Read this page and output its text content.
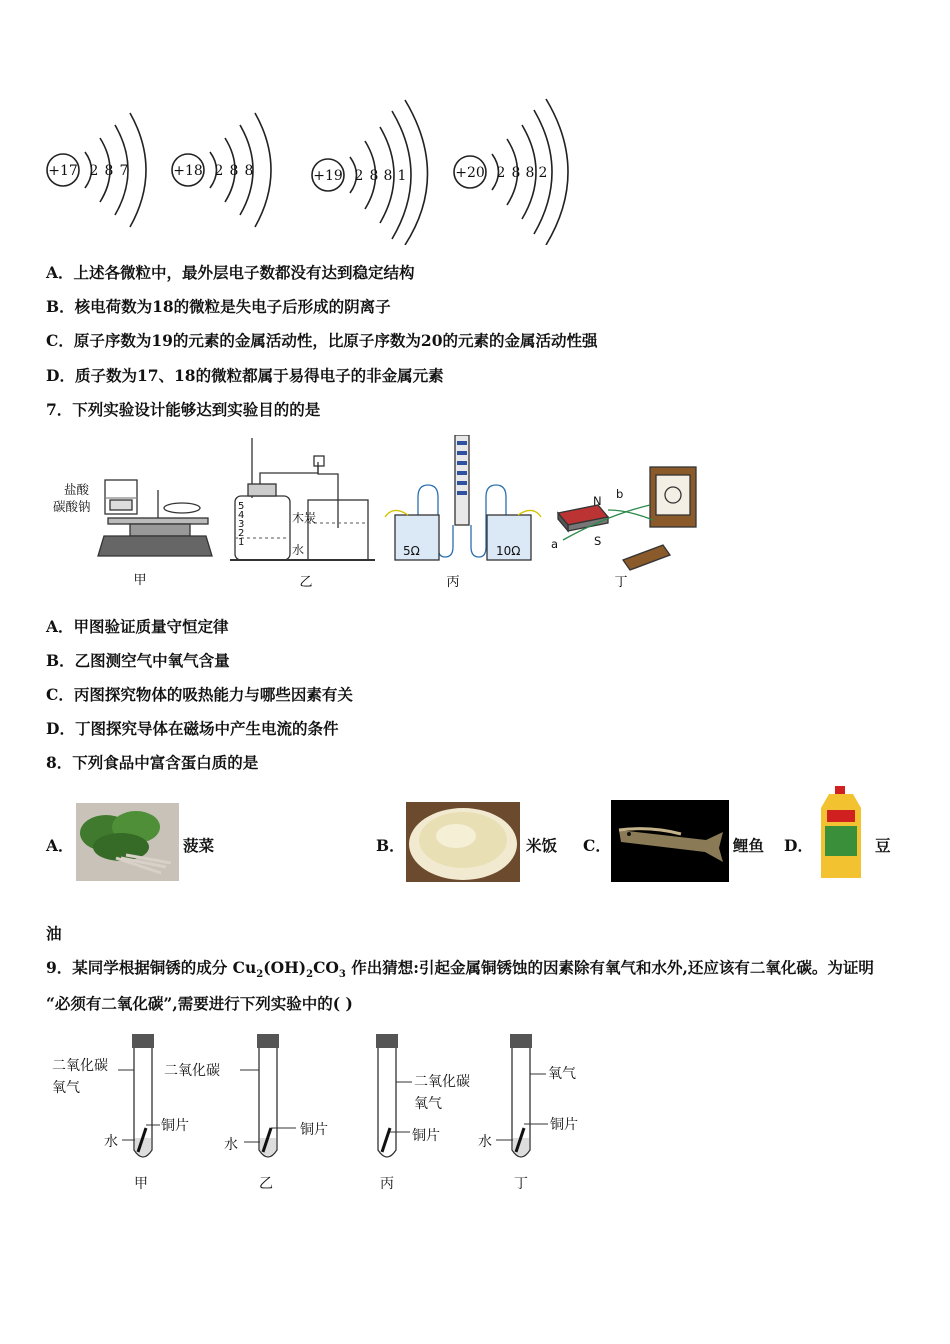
+17 2 8 7	+18 2 8 8	+19 2 8 8 1	+20 2 8 8 2
A．上述各微粒中，最外层电子数都没有达到稳定结构
B．核电荷数为18的微粒是失电子后形成的阴离子
C．原子序数为19的元素的金属活动性，比原子序数为20的元素的金属活动性强
D．质子数为17、18的微粒都属于易得电子的非金属元素
7．下列实验设计能够达到实验目的的是
盐酸
碳酸钠
甲
5
4
3
2
1
木炭
水
乙
5Ω	10Ω
丙
N
S
a
b
丁
A．甲图验证质量守恒定律
B．乙图测空气中氧气含量
C．丙图探究物体的吸热能力与哪些因素有关
D．丁图探究导体在磁场中产生电流的条件
8．下列食品中富含蛋白质的是
A．	菠菜	B．	米饭 C．	鲤鱼 D．	豆
油
9．某同学根据铜锈的成分 $Cu_2(OH)_2CO_3$ 作出猜想:引起金属铜锈蚀的因素除有氧气和水外,还应该有二氧化碳。为证明
“必须有二氧化碳”,需要进行下列实验中的( )
二氧化碳
氧气
铜片
水
甲
二氧化碳
铜片
水
乙
二氧化碳
氧气
铜片
丙
氧气
铜片
水
丁
